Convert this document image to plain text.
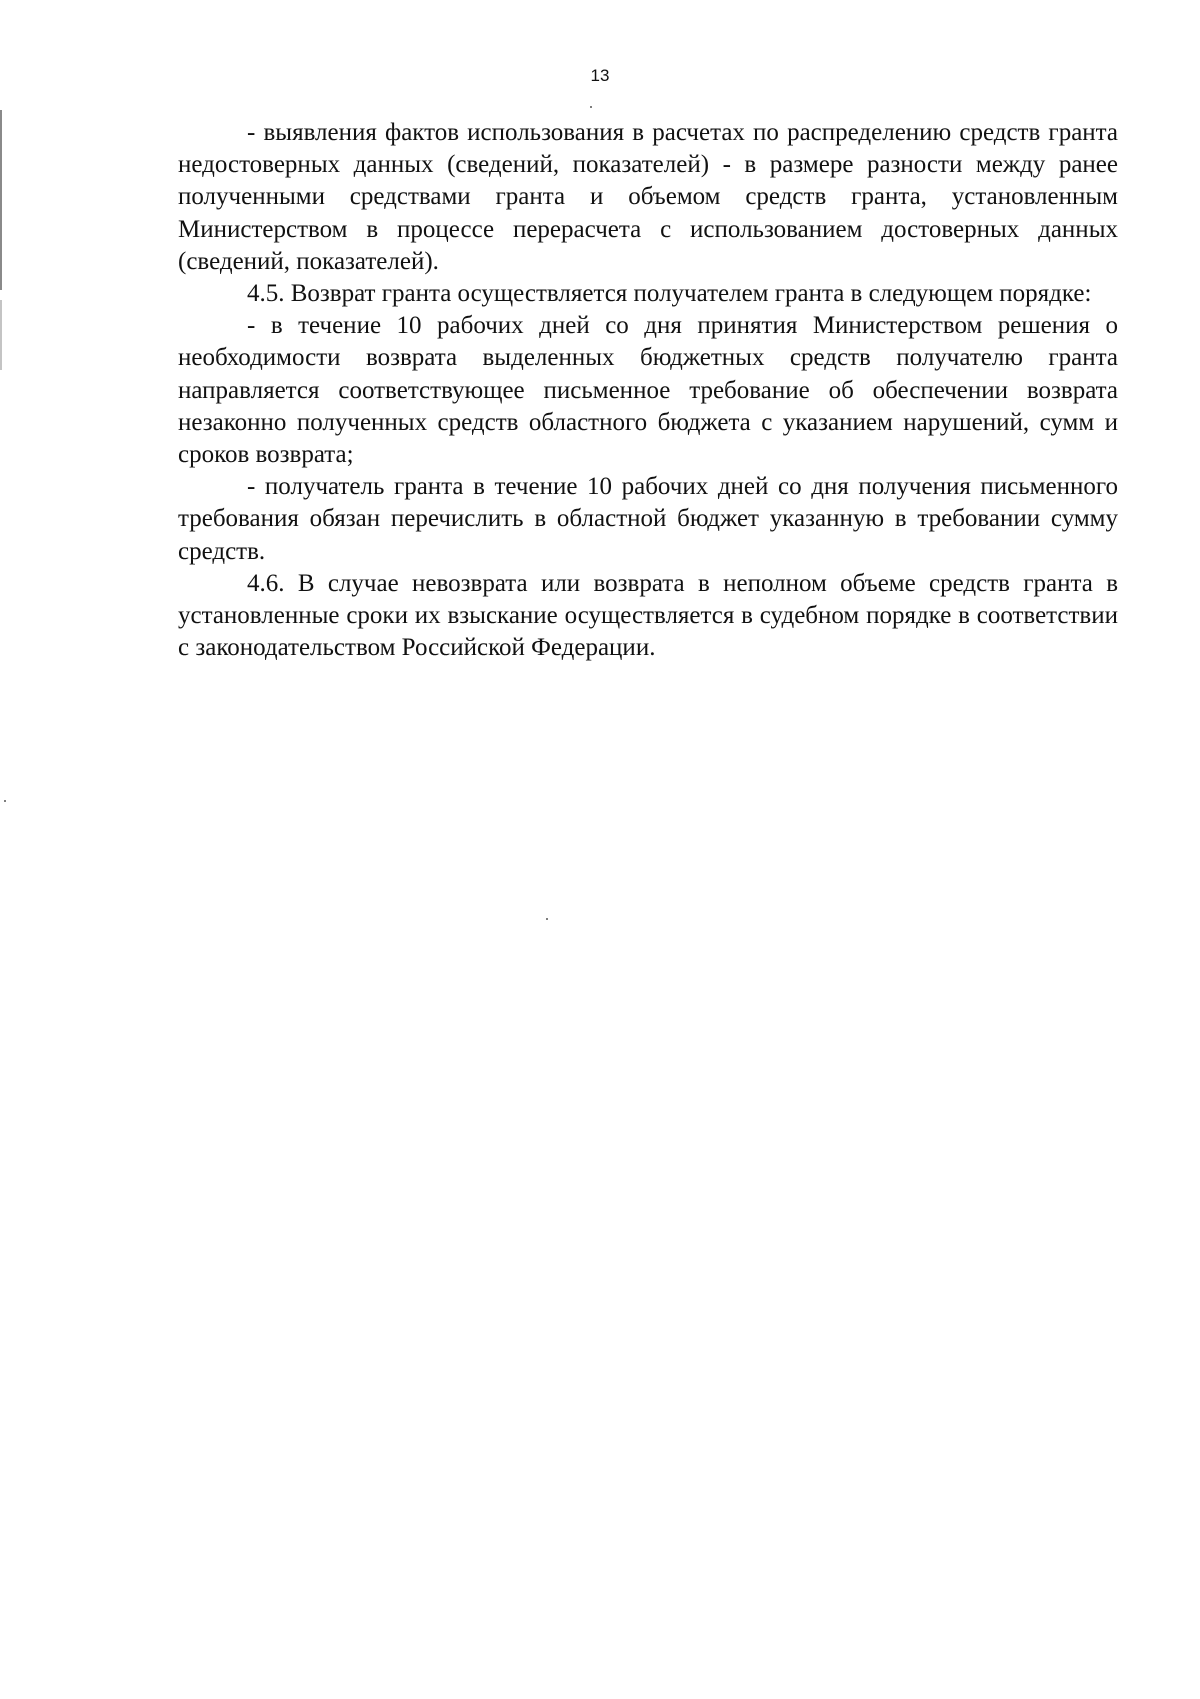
13

- выявления фактов использования в расчетах по распределению средств гранта недостоверных данных (сведений, показателей) - в размере разности между ранее полученными средствами гранта и объемом средств гранта, установленным Министерством в процессе перерасчета с использованием достоверных данных (сведений, показателей).

4.5. Возврат гранта осуществляется получателем гранта в следующем порядке:

- в течение 10 рабочих дней со дня принятия Министерством решения о необходимости возврата выделенных бюджетных средств получателю гранта направляется соответствующее письменное требование об обеспечении возврата незаконно полученных средств областного бюджета с указанием нарушений, сумм и сроков возврата;

- получатель гранта в течение 10 рабочих дней со дня получения письменного требования обязан перечислить в областной бюджет указанную в требовании сумму средств.

4.6. В случае невозврата или возврата в неполном объеме средств гранта в установленные сроки их взыскание осуществляется в судебном порядке в соответствии с законодательством Российской Федерации.
